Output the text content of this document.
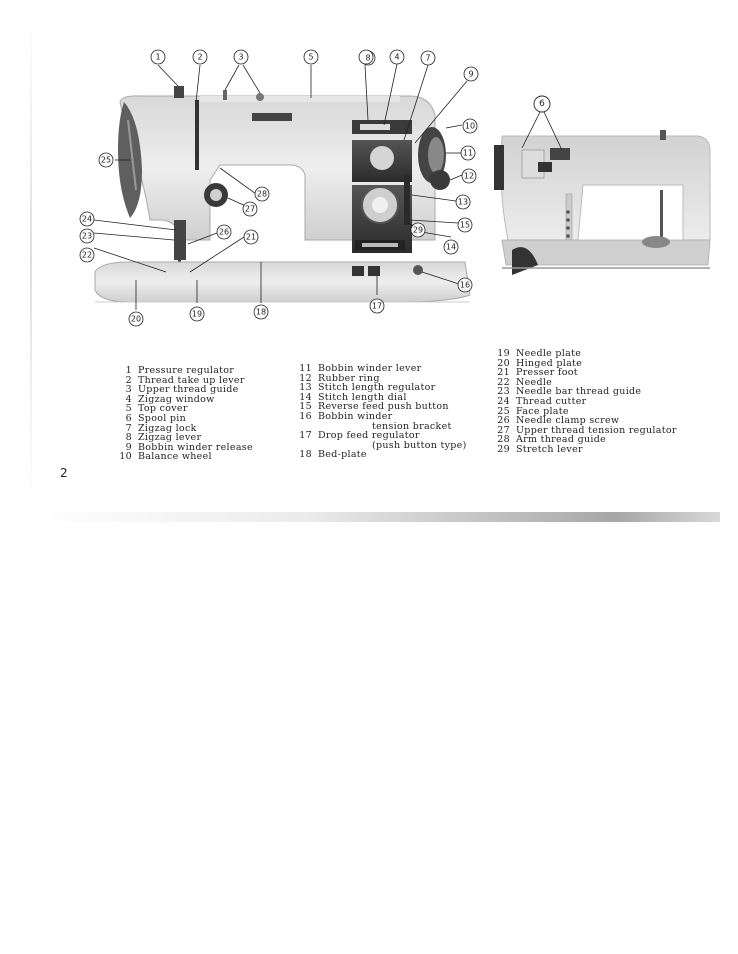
1	2	3	4
5	8	7
9
10
11
12
13
14
15
16
17
18
19
20
21
22
23
24
25
26
27
28
29
6
1 Pressure regulator
2 Thread take up lever
3 Upper thread guide
4 Zigzag window
5 Top cover
6 Spool pin
7 Zigzag lock
8 Zigzag lever
9 Bobbin winder release
10 Balance wheel
11 Bobbin winder lever
12 Rubber ring
13 Stitch length regulator
14 Stitch length dial
15 Reverse feed push button
16 Bobbin winder
tension bracket
17 Drop feed regulator
(push button type)
18 Bed-plate
19 Needle plate
20 Hinged plate
21 Presser foot
22 Needle
23 Needle bar thread guide
24 Thread cutter
25 Face plate
26 Needle clamp screw
27 Upper thread tension regulator
28 Arm thread guide
29 Stretch lever
2
